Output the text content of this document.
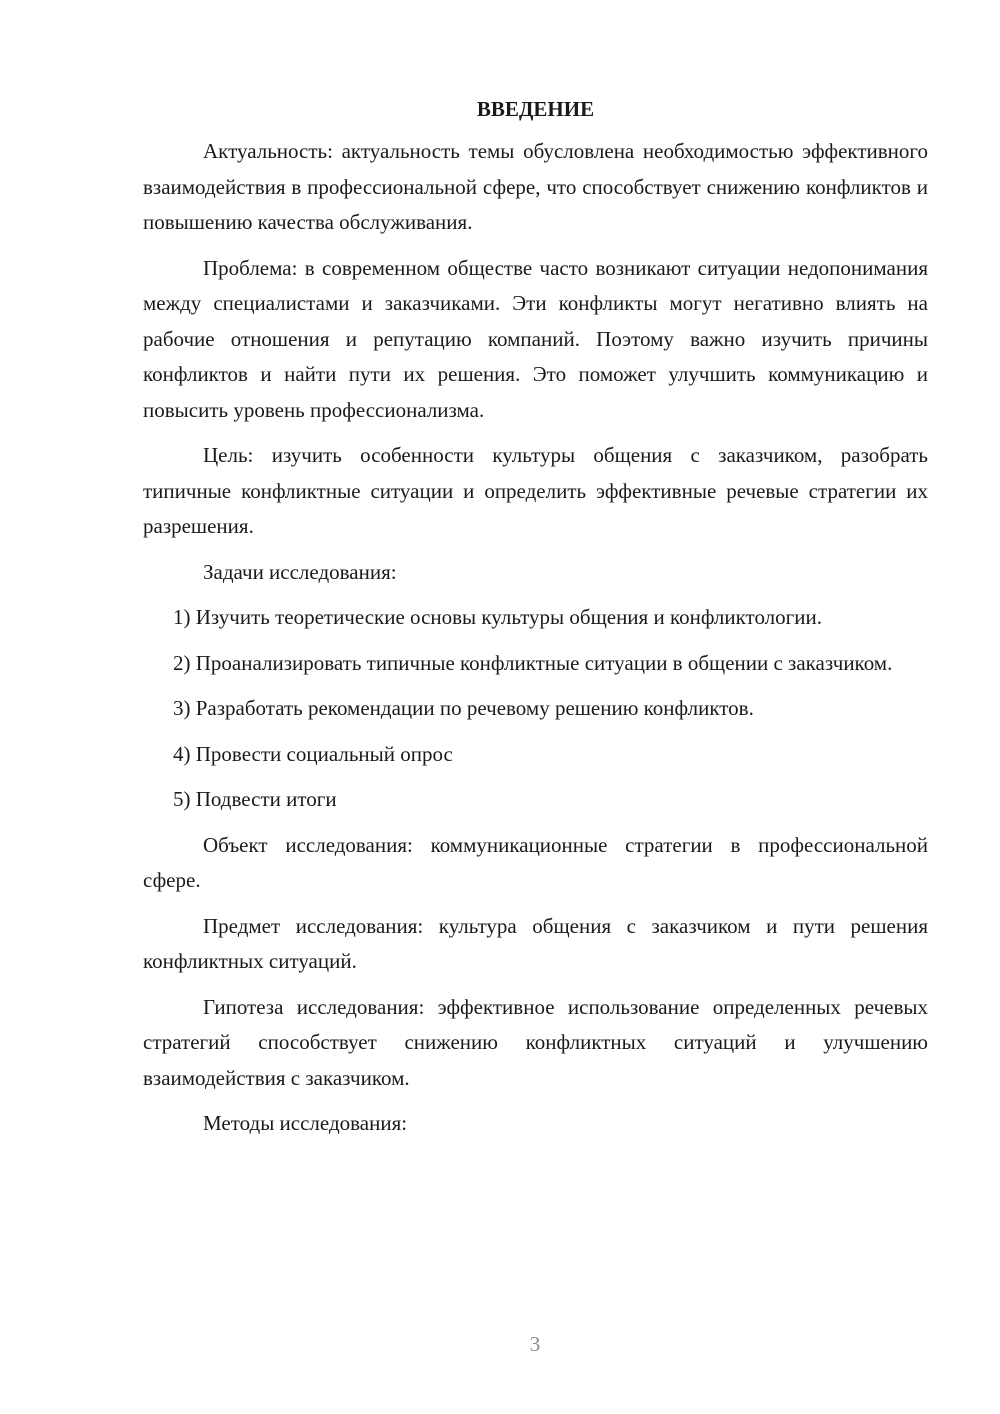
ВВЕДЕНИЕ

Актуальность: актуальность темы обусловлена необходимостью эффективного взаимодействия в профессиональной сфере, что способствует снижению конфликтов и повышению качества обслуживания.

Проблема: в современном обществе часто возникают ситуации недопонимания между специалистами и заказчиками. Эти конфликты могут негативно влиять на рабочие отношения и репутацию компаний. Поэтому важно изучить причины конфликтов и найти пути их решения. Это поможет улучшить коммуникацию и повысить уровень профессионализма.

Цель: изучить особенности культуры общения с заказчиком, разобрать типичные конфликтные ситуации и определить эффективные речевые стратегии их разрешения.

Задачи исследования:

1) Изучить теоретические основы культуры общения и конфликтологии.

2) Проанализировать типичные конфликтные ситуации в общении с заказчиком.

3) Разработать рекомендации по речевому решению конфликтов.

4) Провести социальный опрос

5) Подвести итоги

Объект исследования: коммуникационные стратегии в профессиональной сфере.

Предмет исследования: культура общения с заказчиком и пути решения конфликтных ситуаций.

Гипотеза исследования: эффективное использование определенных речевых стратегий способствует снижению конфликтных ситуаций и улучшению взаимодействия с заказчиком.

Методы исследования:

3
